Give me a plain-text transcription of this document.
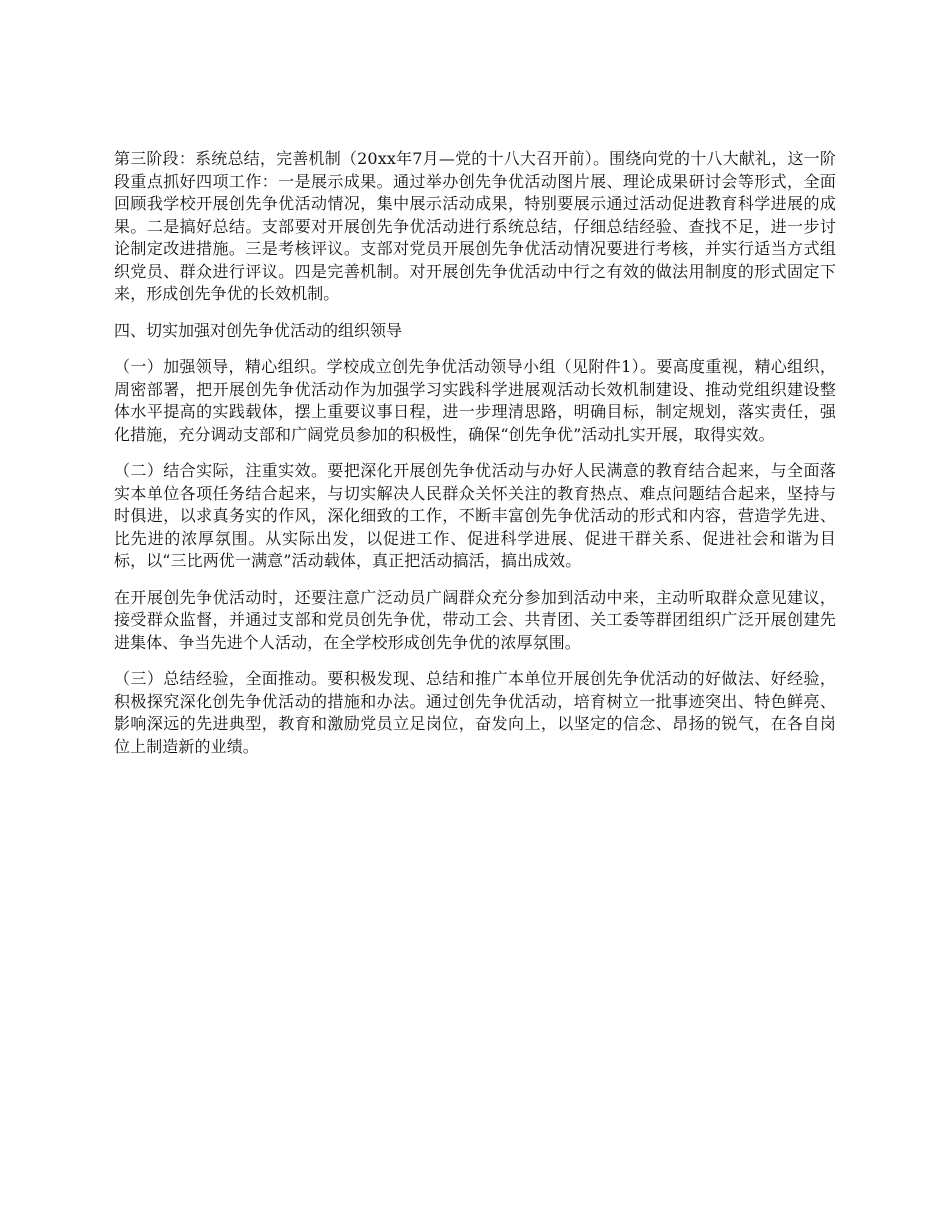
第三阶段：系统总结，完善机制（20xx年7月—党的十八大召开前）。围绕向党的十八大献礼，这一阶段重点抓好四项工作：一是展示成果。通过举办创先争优活动图片展、理论成果研讨会等形式，全面回顾我学校开展创先争优活动情况，集中展示活动成果，特别要展示通过活动促进教育科学进展的成果。二是搞好总结。支部要对开展创先争优活动进行系统总结，仔细总结经验、查找不足，进一步讨论制定改进措施。三是考核评议。支部对党员开展创先争优活动情况要进行考核，并实行适当方式组织党员、群众进行评议。四是完善机制。对开展创先争优活动中行之有效的做法用制度的形式固定下来，形成创先争优的长效机制。

四、切实加强对创先争优活动的组织领导

（一）加强领导，精心组织。学校成立创先争优活动领导小组（见附件1）。要高度重视，精心组织，周密部署，把开展创先争优活动作为加强学习实践科学进展观活动长效机制建设、推动党组织建设整体水平提高的实践载体，摆上重要议事日程，进一步理清思路，明确目标，制定规划，落实责任，强化措施，充分调动支部和广阔党员参加的积极性，确保“创先争优”活动扎实开展，取得实效。

（二）结合实际，注重实效。要把深化开展创先争优活动与办好人民满意的教育结合起来，与全面落实本单位各项任务结合起来，与切实解决人民群众关怀关注的教育热点、难点问题结合起来，坚持与时俱进，以求真务实的作风，深化细致的工作，不断丰富创先争优活动的形式和内容，营造学先进、比先进的浓厚氛围。从实际出发，以促进工作、促进科学进展、促进干群关系、促进社会和谐为目标，以“三比两优一满意”活动载体，真正把活动搞活，搞出成效。

在开展创先争优活动时，还要注意广泛动员广阔群众充分参加到活动中来，主动听取群众意见建议，接受群众监督，并通过支部和党员创先争优，带动工会、共青团、关工委等群团组织广泛开展创建先进集体、争当先进个人活动，在全学校形成创先争优的浓厚氛围。

（三）总结经验，全面推动。要积极发现、总结和推广本单位开展创先争优活动的好做法、好经验，积极探究深化创先争优活动的措施和办法。通过创先争优活动，培育树立一批事迹突出、特色鲜亮、影响深远的先进典型，教育和激励党员立足岗位，奋发向上，以坚定的信念、昂扬的锐气，在各自岗位上制造新的业绩。
